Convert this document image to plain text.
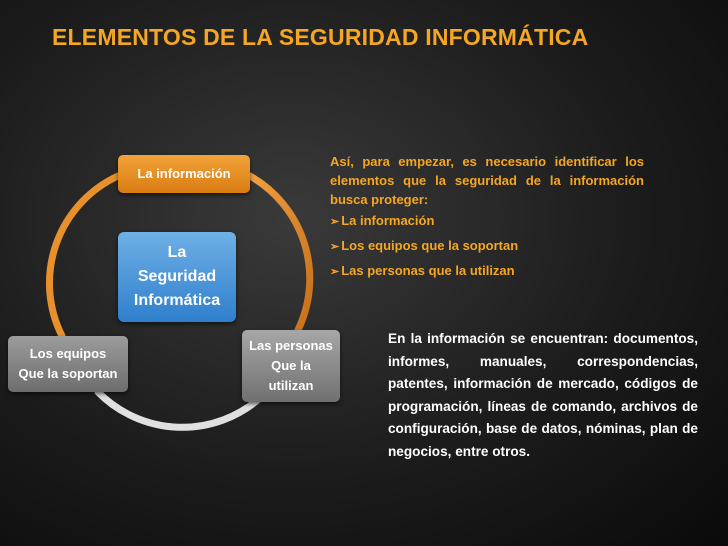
ELEMENTOS DE LA SEGURIDAD INFORMÁTICA
La información
La
Seguridad
Informática
Los equipos
Que la soportan
Las personas
Que la
utilizan
Así, para empezar, es necesario identificar los elementos que la seguridad de la información busca proteger:
➢ La información
➢ Los equipos que la soportan
➢ Las personas que la utilizan
En la información se encuentran: documentos, informes, manuales, correspondencias, patentes, información de mercado, códigos de programación, líneas de comando, archivos de configuración, base de datos, nóminas, plan de negocios, entre otros.
